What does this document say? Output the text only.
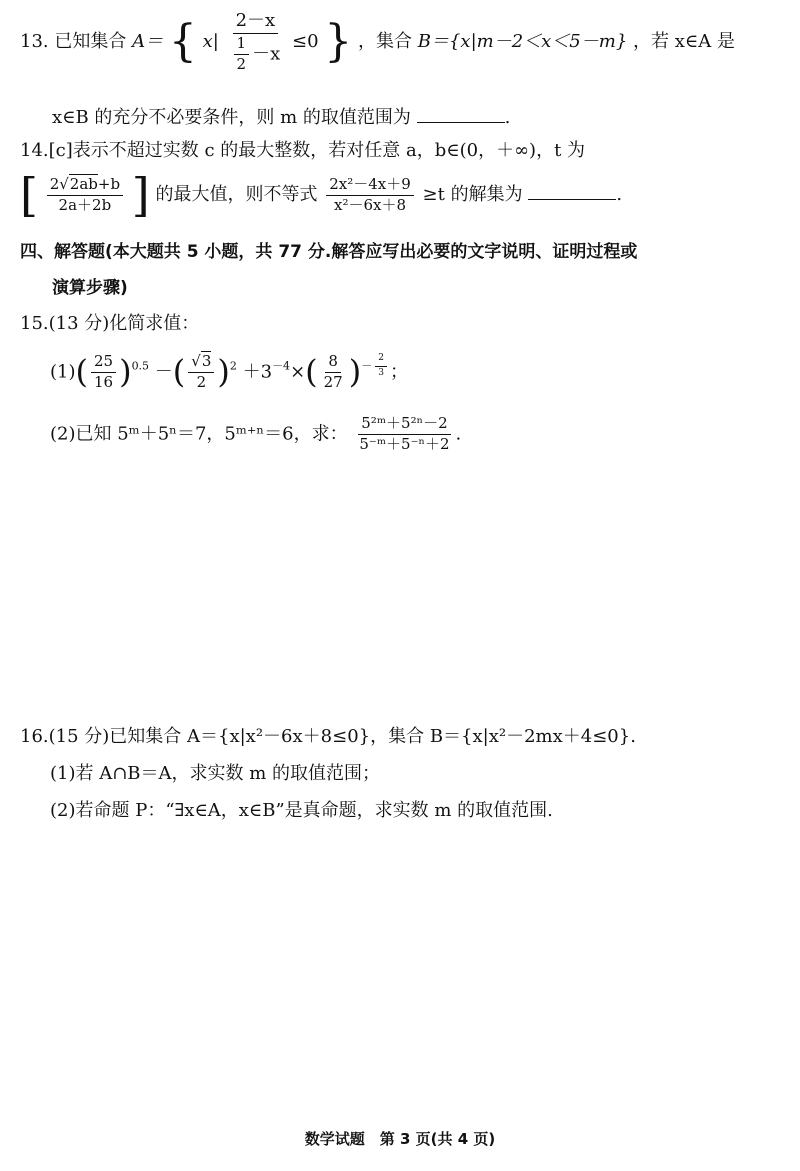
13. 已知集合 A＝ { $x| \frac{2-x}{\frac{1}{2} -x} \le 0$ } ，集合 B＝{x|m－2＜x＜5－m} ，若 x∈A 是
x∈B 的充分不必要条件，则 m 的取值范围为	.
14.[c]表示不超过实数 c 的最大整数，若对任意 a，b∈(0，＋∞)，t 为
[ $\frac{2√2ab+b}{2a+2b}$ ] 的最大值，则不等式 $\frac{\text{2x²－4x＋9}}{\text{x²－6x＋8}} \ge t$ 的解集为	.
四、解答题(本大题共 5 小题，共 77 分.解答应写出必要的文字说明、证明过程或
演算步骤)
15.(13 分)化简求值：
$(1)( \frac{25}{16} )^{0.5}$ －( $\frac{√3}{2} )^2 +3^{-4}\times( \frac{8}{27} )^{- \frac{2}{3}}$ ；
(2)已知 5ᵐ＋5ⁿ＝7，5ᵐ⁺ⁿ＝6，求： $\frac{\text{5²ᵐ＋5²ⁿ－2}}{\text{5⁻ᵐ＋5⁻ⁿ＋2}}$ .
16.(15 分)已知集合 A＝{x|x²－6x＋8≤0}，集合 B＝{x|x²－2mx＋4≤0}.
(1)若 A∩B＝A，求实数 m 的取值范围；
(2)若命题 P：“∃x∈A，x∈B”是真命题，求实数 m 的取值范围.
数学试题　第 3 页(共 4 页)
